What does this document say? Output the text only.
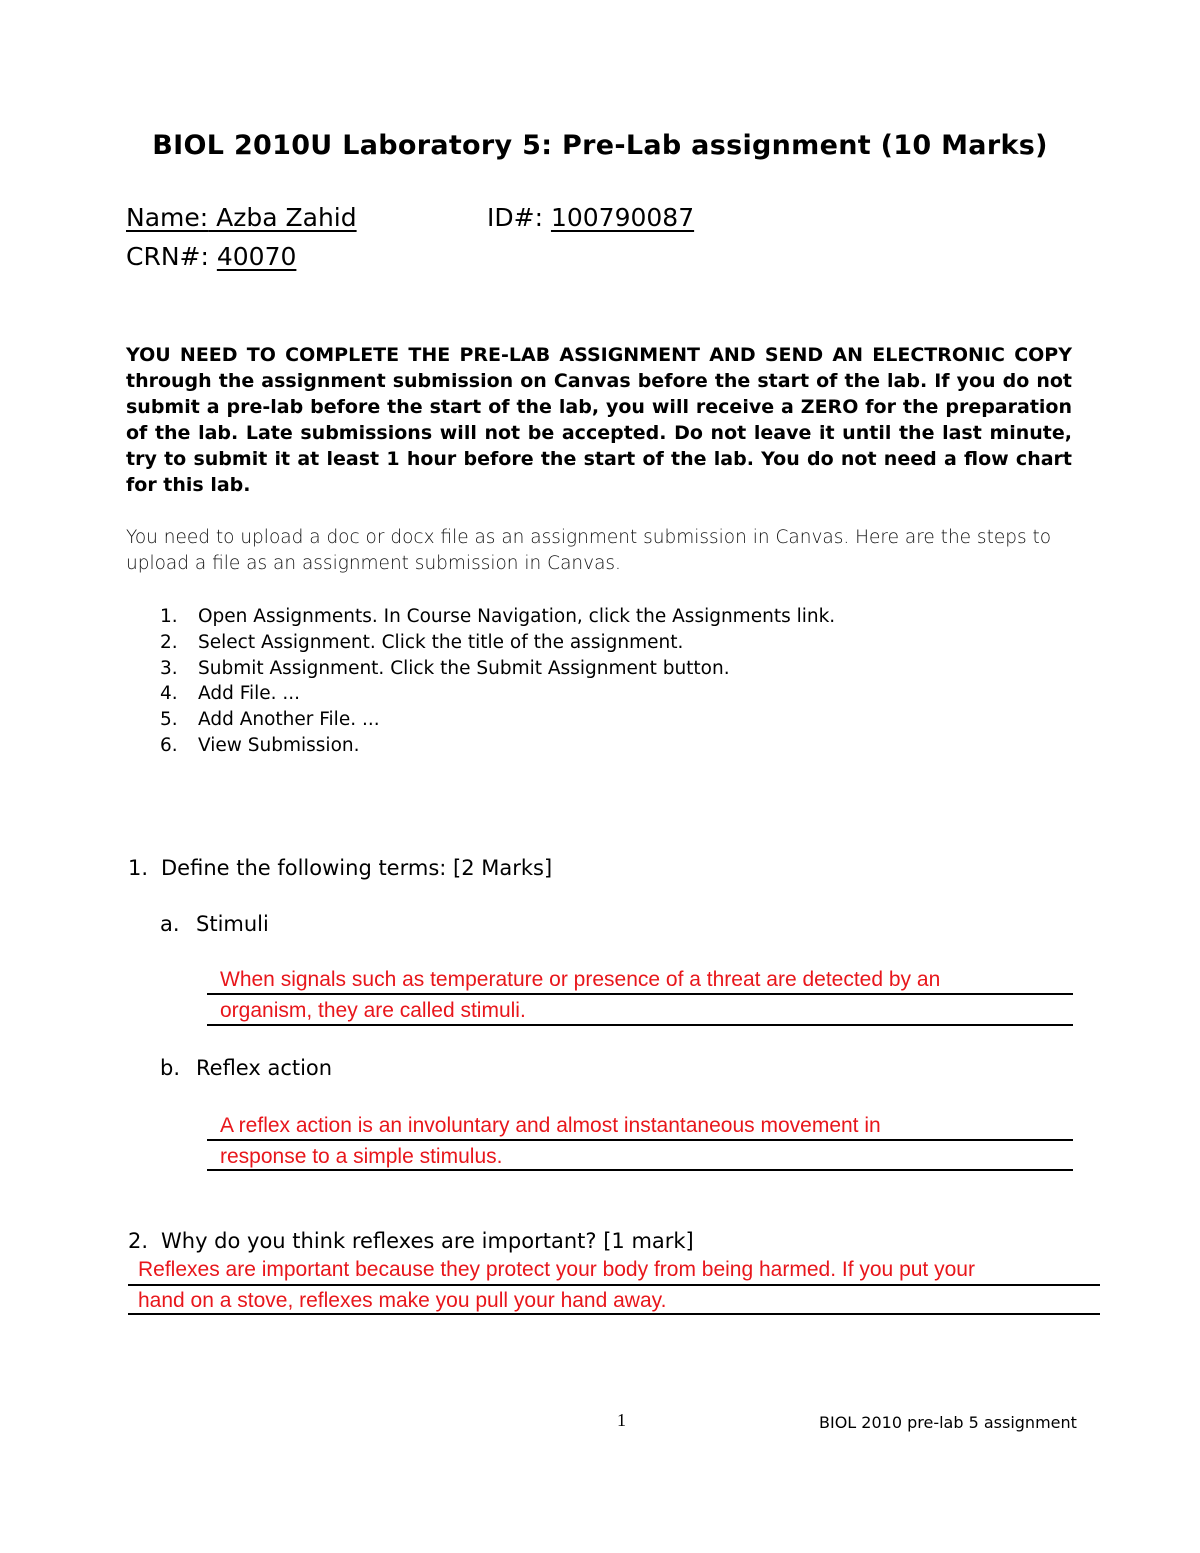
BIOL 2010U Laboratory 5: Pre-Lab assignment (10 Marks)
Name: Azba Zahid	ID#: 100790087
CRN#: 40070
YOU NEED TO COMPLETE THE PRE-LAB ASSIGNMENT AND SEND AN ELECTRONIC COPY through the assignment submission on Canvas before the start of the lab. If you do not submit a pre-lab before the start of the lab, you will receive a ZERO for the preparation of the lab. Late submissions will not be accepted. Do not leave it until the last minute, try to submit it at least 1 hour before the start of the lab. You do not need a flow chart for this lab.
You need to upload a doc or docx file as an assignment submission in Canvas. Here are the steps to upload a file as an assignment submission in Canvas.
1. Open Assignments. In Course Navigation, click the Assignments link.
2. Select Assignment. Click the title of the assignment.
3. Submit Assignment. Click the Submit Assignment button.
4. Add File. ...
5. Add Another File. ...
6. View Submission.
1. Define the following terms: [2 Marks]
a. Stimuli
When signals such as temperature or presence of a threat are detected by an
organism, they are called stimuli.
b. Reflex action
A reflex action is an involuntary and almost instantaneous movement in
response to a simple stimulus.
2. Why do you think reflexes are important? [1 mark]
Reflexes are important because they protect your body from being harmed. If you put your
hand on a stove, reflexes make you pull your hand away.
1	BIOL 2010 pre-lab 5 assignment
